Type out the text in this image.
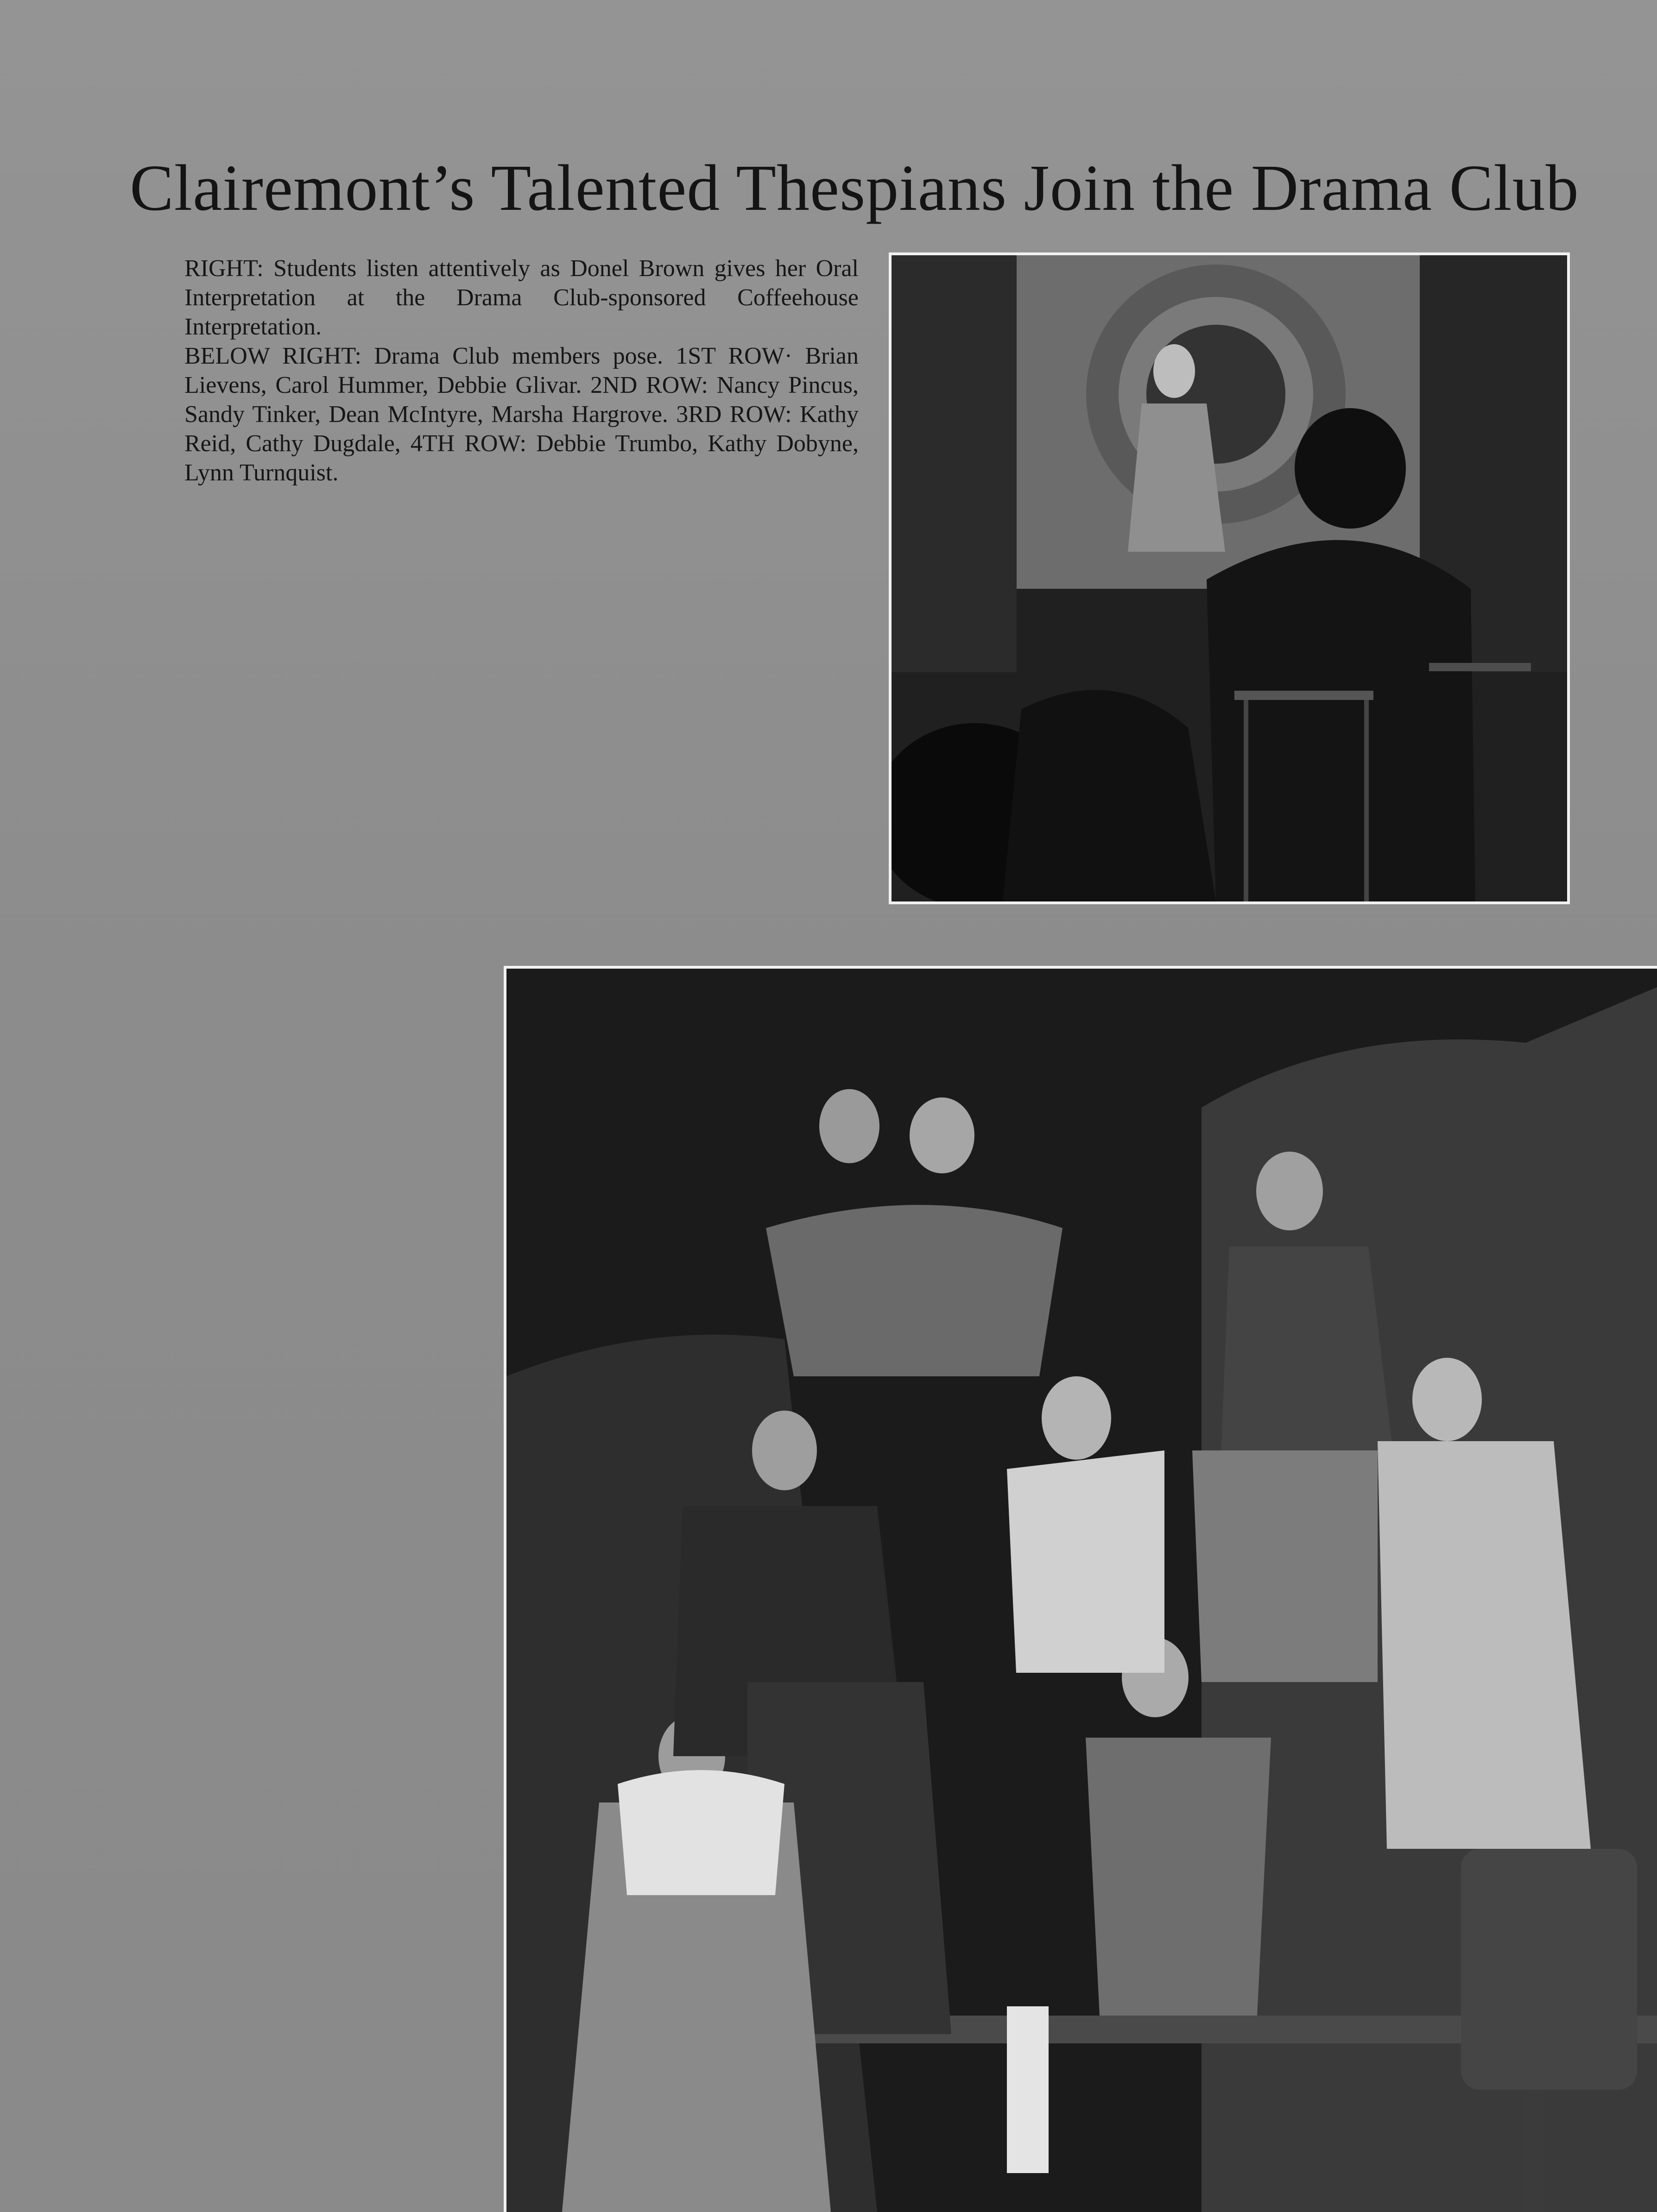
Clairemont’s Talented Thespians Join the Drama Club

RIGHT: Students listen attentively as Donel Brown gives her Oral Interpretation at the Drama Club-sponsored Coffeehouse Interpretation.

BELOW RIGHT: Drama Club members pose. 1ST ROW· Brian Lievens, Carol Hummer, Debbie Glivar. 2ND ROW: Nancy Pincus, Sandy Tinker, Dean McIntyre, Marsha Hargrove. 3RD ROW: Kathy Reid, Cathy Dugdale, 4TH ROW: Debbie Trumbo, Kathy Dobyne, Lynn Turnquist.
